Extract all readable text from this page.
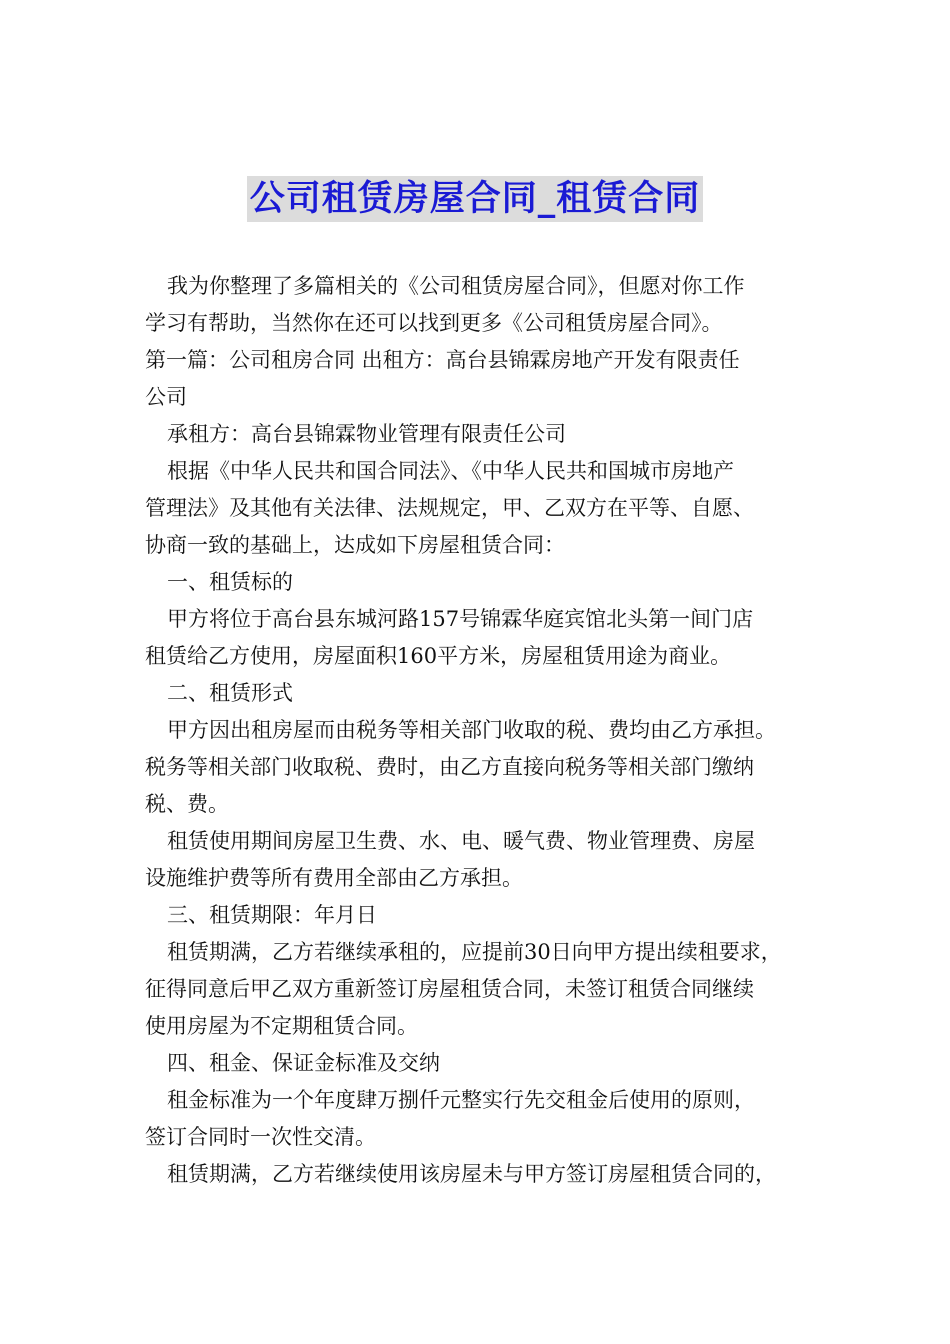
公司租赁房屋合同_租赁合同

我为你整理了多篇相关的《公司租赁房屋合同》，但愿对你工作

学习有帮助，当然你在还可以找到更多《公司租赁房屋合同》。

第一篇：公司租房合同 出租方：高台县锦霖房地产开发有限责任

公司

承租方：高台县锦霖物业管理有限责任公司

根据《中华人民共和国合同法》、《中华人民共和国城市房地产

管理法》及其他有关法律、法规规定，甲、乙双方在平等、自愿、

协商一致的基础上，达成如下房屋租赁合同：

一、租赁标的

甲方将位于高台县东城河路157号锦霖华庭宾馆北头第一间门店

租赁给乙方使用，房屋面积160平方米，房屋租赁用途为商业。

二、租赁形式

甲方因出租房屋而由税务等相关部门收取的税、费均由乙方承担。

税务等相关部门收取税、费时，由乙方直接向税务等相关部门缴纳

税、费。

租赁使用期间房屋卫生费、水、电、暖气费、物业管理费、房屋

设施维护费等所有费用全部由乙方承担。

三、租赁期限：年月日

租赁期满，乙方若继续承租的，应提前30日向甲方提出续租要求，

征得同意后甲乙双方重新签订房屋租赁合同，未签订租赁合同继续

使用房屋为不定期租赁合同。

四、租金、保证金标准及交纳

租金标准为一个年度肆万捌仟元整实行先交租金后使用的原则，

签订合同时一次性交清。

租赁期满，乙方若继续使用该房屋未与甲方签订房屋租赁合同的，
